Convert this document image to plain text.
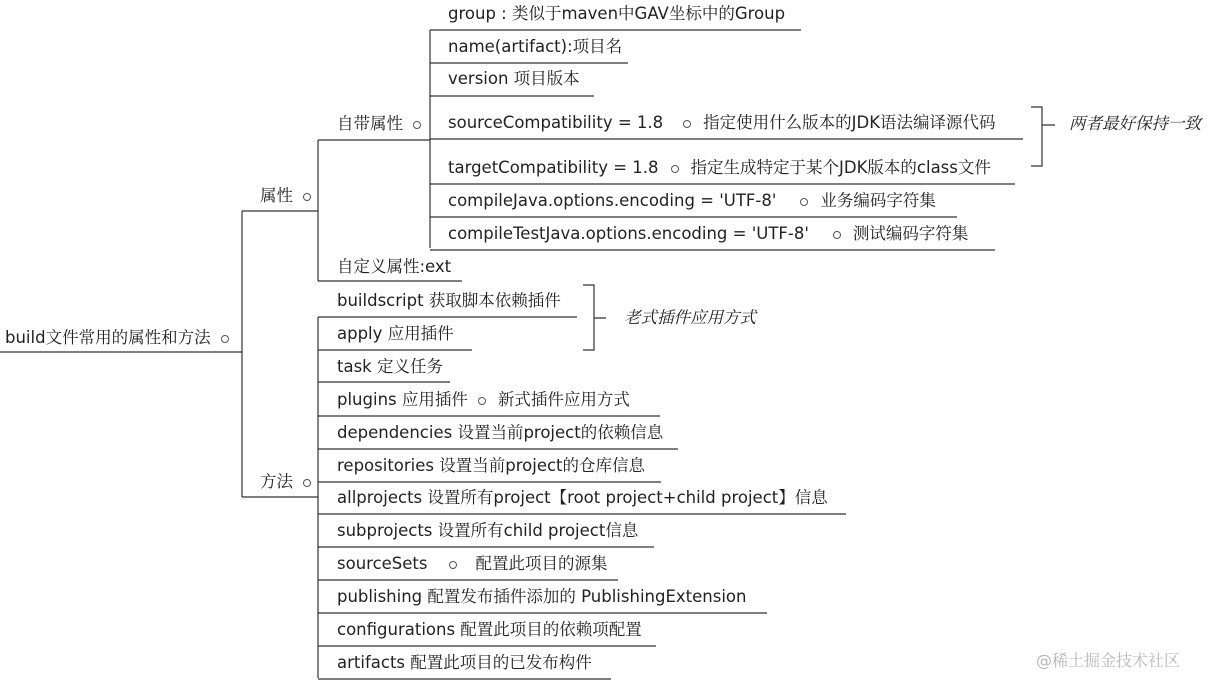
build文件常用的属性和方法
属性
自带属性
group : 类似于maven中GAV坐标中的Group
name(artifact):项目名
version 项目版本
sourceCompatibility = 1.8 指定使用什么版本的JDK语法编译源代码
targetCompatibility = 1.8 指定生成特定于某个JDK版本的class文件
compileJava.options.encoding = 'UTF-8'	业务编码字符集
compileTestJava.options.encoding = 'UTF-8'	测试编码字符集
两者最好保持一致
自定义属性:ext
方法
buildscript 获取脚本依赖插件
apply 应用插件
task 定义任务
plugins 应用插件 新式插件应用方式
dependencies 设置当前project的依赖信息
repositories 设置当前project的仓库信息
allprojects 设置所有project【root project+child project】信息
subprojects 设置所有child project信息
sourceSets	配置此项目的源集
publishing 配置发布插件添加的 PublishingExtension
configurations 配置此项目的依赖项配置
artifacts 配置此项目的已发布构件
老式插件应用方式
@稀土掘金技术社区
